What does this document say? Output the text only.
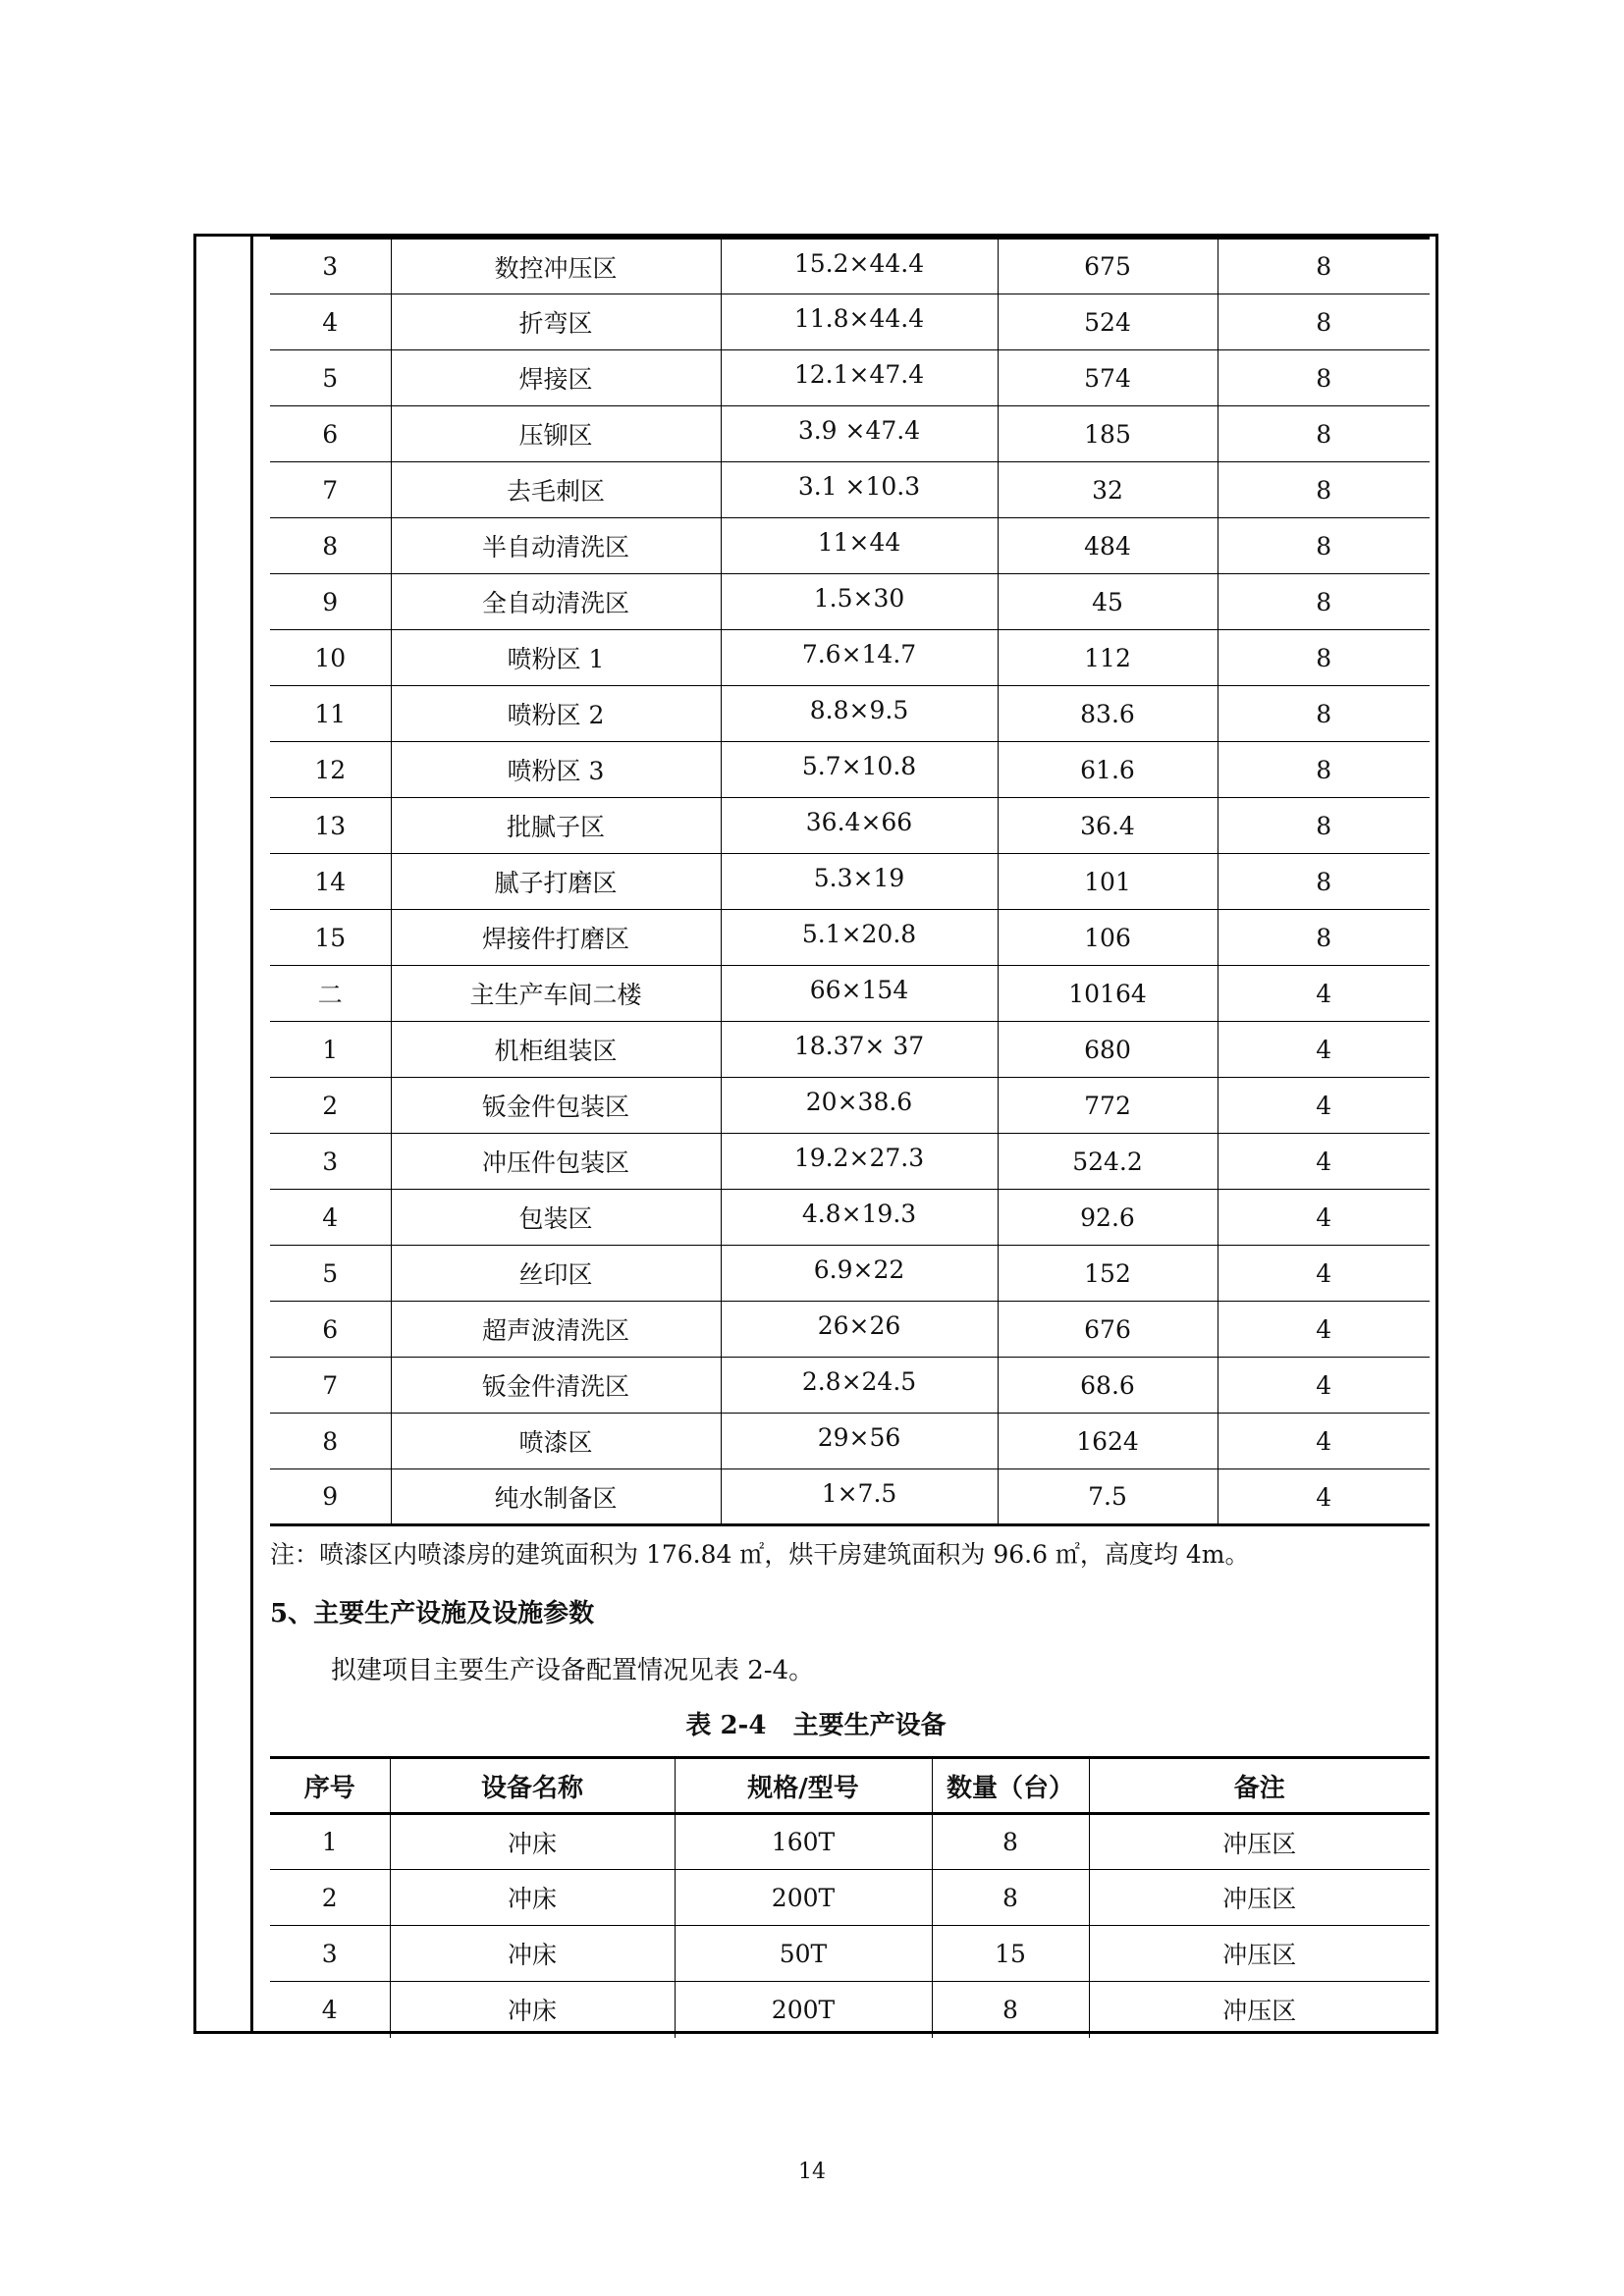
3	数控冲压区	15.2×44.4	675	8
4	折弯区	11.8×44.4	524	8
5	焊接区	12.1×47.4	574	8
6	压铆区	3.9 ×47.4	185	8
7	去毛刺区	3.1 ×10.3	32	8
8	半自动清洗区	11×44	484	8
9	全自动清洗区	1.5×30	45	8
10	喷粉区 1	7.6×14.7	112	8
11	喷粉区 2	8.8×9.5	83.6	8
12	喷粉区 3	5.7×10.8	61.6	8
13	批腻子区	36.4×66	36.4	8
14	腻子打磨区	5.3×19	101	8
15	焊接件打磨区	5.1×20.8	106	8
二	主生产车间二楼	66×154	10164	4
1	机柜组装区	18.37× 37	680	4
2	钣金件包装区	20×38.6	772	4
3	冲压件包装区	19.2×27.3	524.2	4
4	包装区	4.8×19.3	92.6	4
5	丝印区	6.9×22	152	4
6	超声波清洗区	26×26	676	4
7	钣金件清洗区	2.8×24.5	68.6	4
8	喷漆区	29×56	1624	4
9	纯水制备区	1×7.5	7.5	4
注：喷漆区内喷漆房的建筑面积为 176.84 ㎡，烘干房建筑面积为 96.6 ㎡，高度均 4m。
5、主要生产设施及设施参数
拟建项目主要生产设备配置情况见表 2-4。
表 2-4   主要生产设备
序号	设备名称	规格/型号	数量（台）	备注
1	冲床	160T	8	冲压区
2	冲床	200T	8	冲压区
3	冲床	50T	15	冲压区
4	冲床	200T	8	冲压区
14
